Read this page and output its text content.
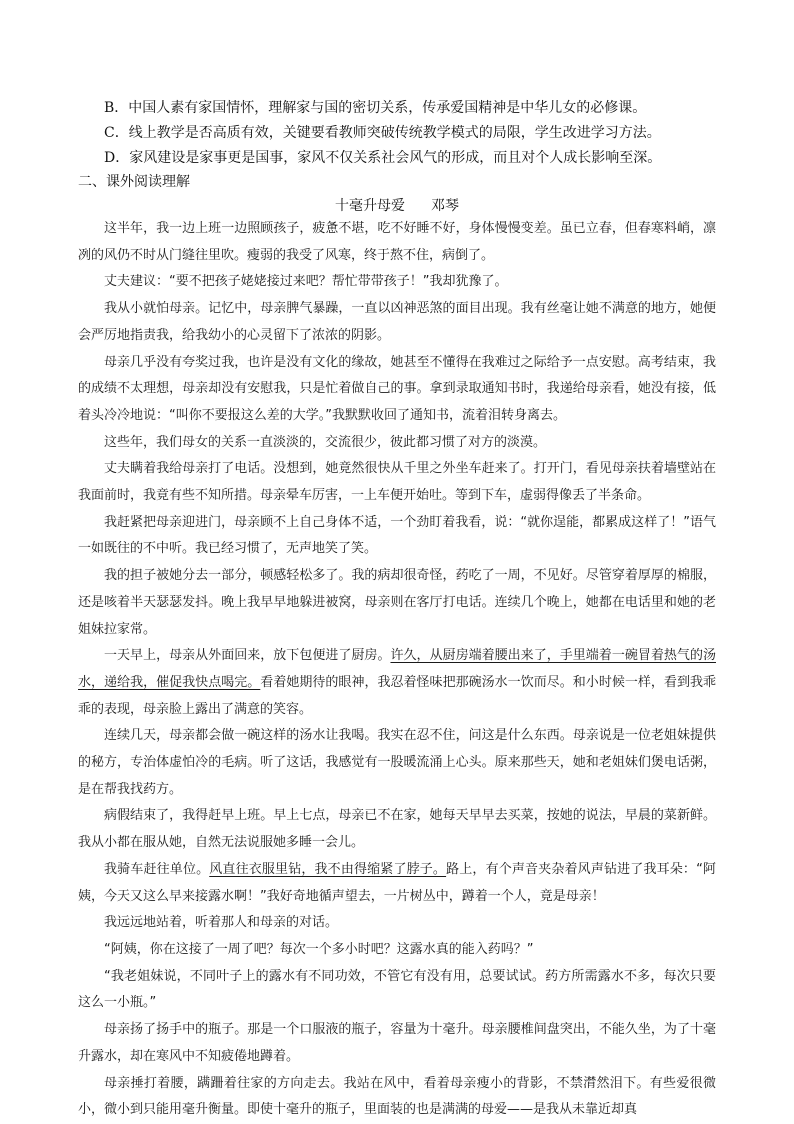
B．中国人素有家国情怀，理解家与国的密切关系，传承爱国精神是中华儿女的必修课。
C．线上教学是否高质有效，关键要看教师突破传统教学模式的局限，学生改进学习方法。
D．家风建设是家事更是国事，家风不仅关系社会风气的形成，而且对个人成长影响至深。
二、课外阅读理解
十毫升母爱 邓琴

这半年，我一边上班一边照顾孩子，疲惫不堪，吃不好睡不好，身体慢慢变差。虽已立春，但春寒料峭，凛冽的风仍不时从门缝往里吹。瘦弱的我受了风寒，终于熬不住，病倒了。

丈夫建议：“要不把孩子姥姥接过来吧？帮忙带带孩子！”我却犹豫了。

我从小就怕母亲。记忆中，母亲脾气暴躁，一直以凶神恶煞的面目出现。我有丝毫让她不满意的地方，她便会严厉地指责我，给我幼小的心灵留下了浓浓的阴影。

母亲几乎没有夸奖过我，也许是没有文化的缘故，她甚至不懂得在我难过之际给予一点安慰。高考结束，我的成绩不太理想，母亲却没有安慰我，只是忙着做自己的事。拿到录取通知书时，我递给母亲看，她没有接，低着头冷冷地说：“叫你不要报这么差的大学。”我默默收回了通知书，流着泪转身离去。

这些年，我们母女的关系一直淡淡的，交流很少，彼此都习惯了对方的淡漠。

丈夫瞒着我给母亲打了电话。没想到，她竟然很快从千里之外坐车赶来了。打开门，看见母亲扶着墙壁站在我面前时，我竟有些不知所措。母亲晕车厉害，一上车便开始吐。等到下车，虚弱得像丢了半条命。

我赶紧把母亲迎进门，母亲顾不上自己身体不适，一个劲盯着我看，说：“就你逞能，都累成这样了！”语气一如既往的不中听。我已经习惯了，无声地笑了笑。

我的担子被她分去一部分，顿感轻松多了。我的病却很奇怪，药吃了一周，不见好。尽管穿着厚厚的棉服，还是咳着半天瑟瑟发抖。晚上我早早地躲进被窝，母亲则在客厅打电话。连续几个晚上，她都在电话里和她的老姐妹拉家常。

一天早上，母亲从外面回来，放下包便进了厨房。许久，从厨房端着腰出来了，手里端着一碗冒着热气的汤水，递给我，催促我快点喝完。看着她期待的眼神，我忍着怪味把那碗汤水一饮而尽。和小时候一样，看到我乖乖的表现，母亲脸上露出了满意的笑容。

连续几天，母亲都会做一碗这样的汤水让我喝。我实在忍不住，问这是什么东西。母亲说是一位老姐妹提供的秘方，专治体虚怕冷的毛病。听了这话，我感觉有一股暖流涌上心头。原来那些天，她和老姐妹们煲电话粥，是在帮我找药方。

病假结束了，我得赶早上班。早上七点，母亲已不在家，她每天早早去买菜，按她的说法，早晨的菜新鲜。我从小都在服从她，自然无法说服她多睡一会儿。

我骑车赶往单位。风直往衣服里钻，我不由得缩紧了脖子。路上，有个声音夹杂着风声钻进了我耳朵：“阿姨，今天又这么早来接露水啊！”我好奇地循声望去，一片树丛中，蹲着一个人，竟是母亲！

我远远地站着，听着那人和母亲的对话。

“阿姨，你在这接了一周了吧？每次一个多小时吧？这露水真的能入药吗？”

“我老姐妹说，不同叶子上的露水有不同功效，不管它有没有用，总要试试。药方所需露水不多，每次只要这么一小瓶。”

母亲扬了扬手中的瓶子。那是一个口服液的瓶子，容量为十毫升。母亲腰椎间盘突出，不能久坐，为了十毫升露水，却在寒风中不知疲倦地蹲着。

母亲捶打着腰，蹒跚着往家的方向走去。我站在风中，看着母亲瘦小的背影，不禁潸然泪下。有些爱很微小，微小到只能用毫升衡量。即使十毫升的瓶子，里面装的也是满满的母爱——是我从未靠近却真
